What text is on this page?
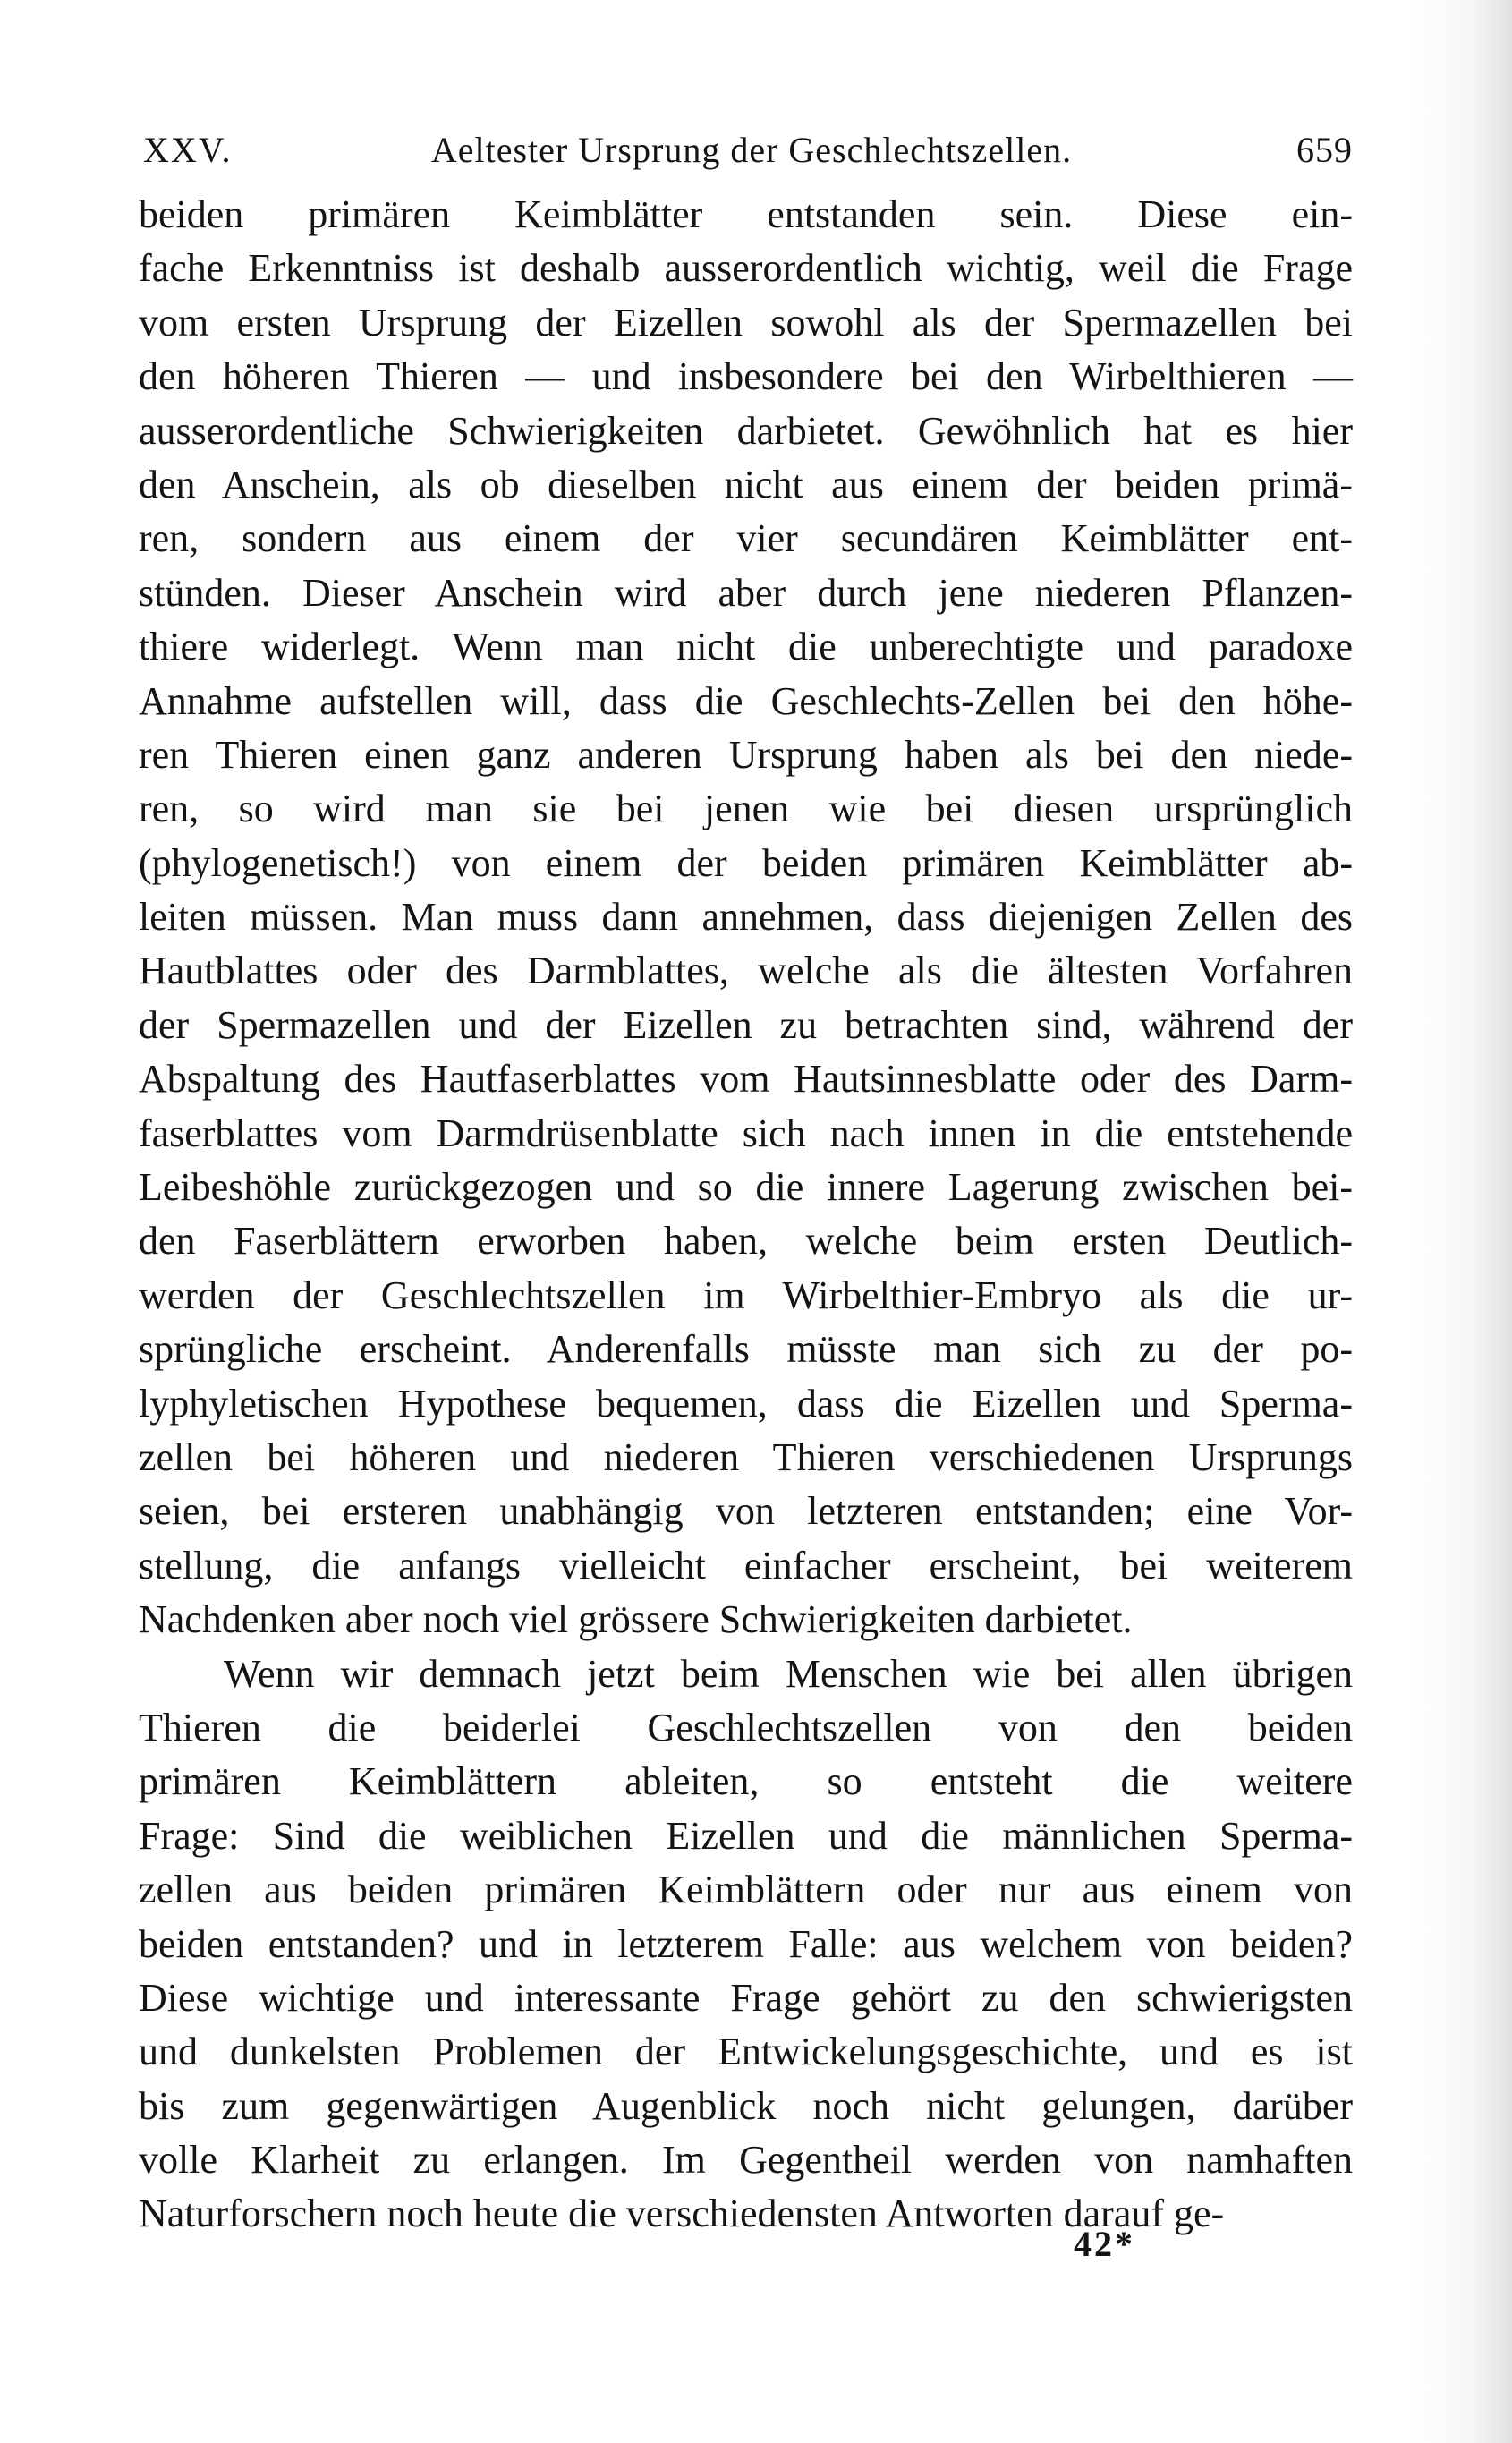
XXV.	Aeltester Ursprung der Geschlechtszellen.	659
beiden primären Keimblätter entstanden sein. Diese ein-
fache Erkenntniss ist deshalb ausserordentlich wichtig, weil die Frage
vom ersten Ursprung der Eizellen sowohl als der Spermazellen bei
den höheren Thieren — und insbesondere bei den Wirbelthieren —
ausserordentliche Schwierigkeiten darbietet. Gewöhnlich hat es hier
den Anschein, als ob dieselben nicht aus einem der beiden primä-
ren, sondern aus einem der vier secundären Keimblätter ent-
stünden. Dieser Anschein wird aber durch jene niederen Pflanzen-
thiere widerlegt. Wenn man nicht die unberechtigte und paradoxe
Annahme aufstellen will, dass die Geschlechts-Zellen bei den höhe-
ren Thieren einen ganz anderen Ursprung haben als bei den niede-
ren, so wird man sie bei jenen wie bei diesen ursprünglich
(phylogenetisch!) von einem der beiden primären Keimblätter ab-
leiten müssen. Man muss dann annehmen, dass diejenigen Zellen des
Hautblattes oder des Darmblattes, welche als die ältesten Vorfahren
der Spermazellen und der Eizellen zu betrachten sind, während der
Abspaltung des Hautfaserblattes vom Hautsinnesblatte oder des Darm-
faserblattes vom Darmdrüsenblatte sich nach innen in die entstehende
Leibeshöhle zurückgezogen und so die innere Lagerung zwischen bei-
den Faserblättern erworben haben, welche beim ersten Deutlich-
werden der Geschlechtszellen im Wirbelthier-Embryo als die ur-
sprüngliche erscheint. Anderenfalls müsste man sich zu der po-
lyphyletischen Hypothese bequemen, dass die Eizellen und Sperma-
zellen bei höheren und niederen Thieren verschiedenen Ursprungs
seien, bei ersteren unabhängig von letzteren entstanden; eine Vor-
stellung, die anfangs vielleicht einfacher erscheint, bei weiterem
Nachdenken aber noch viel grössere Schwierigkeiten darbietet.
Wenn wir demnach jetzt beim Menschen wie bei allen übrigen
Thieren die beiderlei Geschlechtszellen von den beiden
primären Keimblättern ableiten, so entsteht die weitere
Frage: Sind die weiblichen Eizellen und die männlichen Sperma-
zellen aus beiden primären Keimblättern oder nur aus einem von
beiden entstanden? und in letzterem Falle: aus welchem von beiden?
Diese wichtige und interessante Frage gehört zu den schwierigsten
und dunkelsten Problemen der Entwickelungsgeschichte, und es ist
bis zum gegenwärtigen Augenblick noch nicht gelungen, darüber
volle Klarheit zu erlangen. Im Gegentheil werden von namhaften
Naturforschern noch heute die verschiedensten Antworten darauf ge-
42*
